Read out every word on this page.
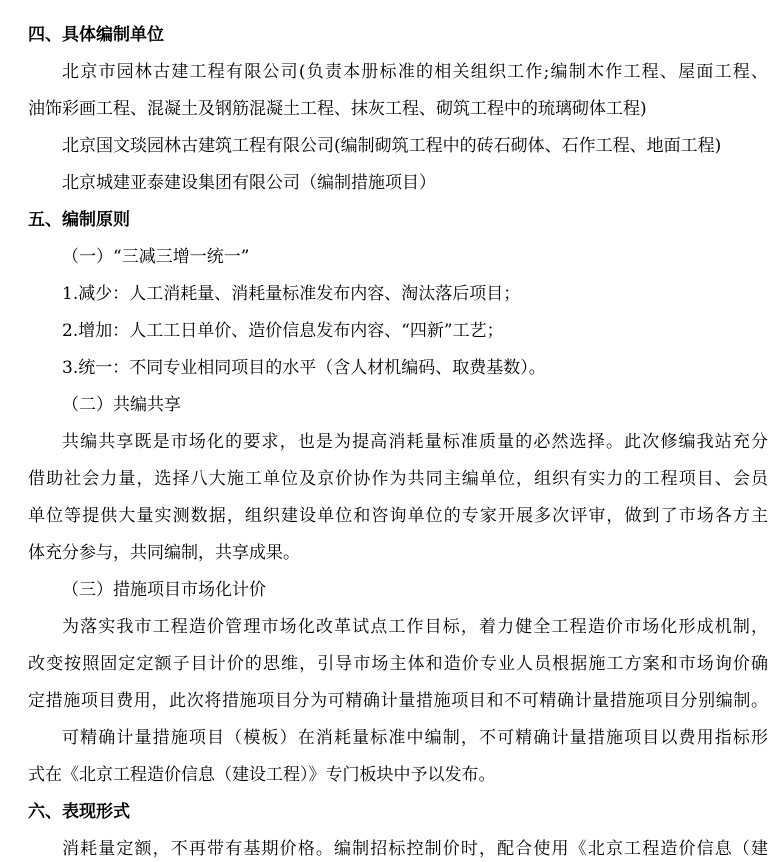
四、具体编制单位
北京市园林古建工程有限公司(负责本册标准的相关组织工作;编制木作工程、屋面工程、
油饰彩画工程、混凝土及钢筋混凝土工程、抹灰工程、砌筑工程中的琉璃砌体工程)
北京国文琰园林古建筑工程有限公司(编制砌筑工程中的砖石砌体、石作工程、地面工程)
北京城建亚泰建设集团有限公司（编制措施项目）
五、编制原则
（一）“三减三增一统一”
1.减少：人工消耗量、消耗量标准发布内容、淘汰落后项目；
2.增加：人工工日单价、造价信息发布内容、“四新”工艺；
3.统一：不同专业相同项目的水平（含人材机编码、取费基数）。
（二）共编共享
共编共享既是市场化的要求，也是为提高消耗量标准质量的必然选择。此次修编我站充分
借助社会力量，选择八大施工单位及京价协作为共同主编单位，组织有实力的工程项目、会员
单位等提供大量实测数据，组织建设单位和咨询单位的专家开展多次评审，做到了市场各方主
体充分参与，共同编制，共享成果。
（三）措施项目市场化计价
为落实我市工程造价管理市场化改革试点工作目标，着力健全工程造价市场化形成机制，
改变按照固定定额子目计价的思维，引导市场主体和造价专业人员根据施工方案和市场询价确
定措施项目费用，此次将措施项目分为可精确计量措施项目和不可精确计量措施项目分别编制。
可精确计量措施项目（模板）在消耗量标准中编制，不可精确计量措施项目以费用指标形
式在《北京工程造价信息（建设工程）》专门板块中予以发布。
六、表现形式
消耗量定额，不再带有基期价格。编制招标控制价时，配合使用《北京工程造价信息（建
